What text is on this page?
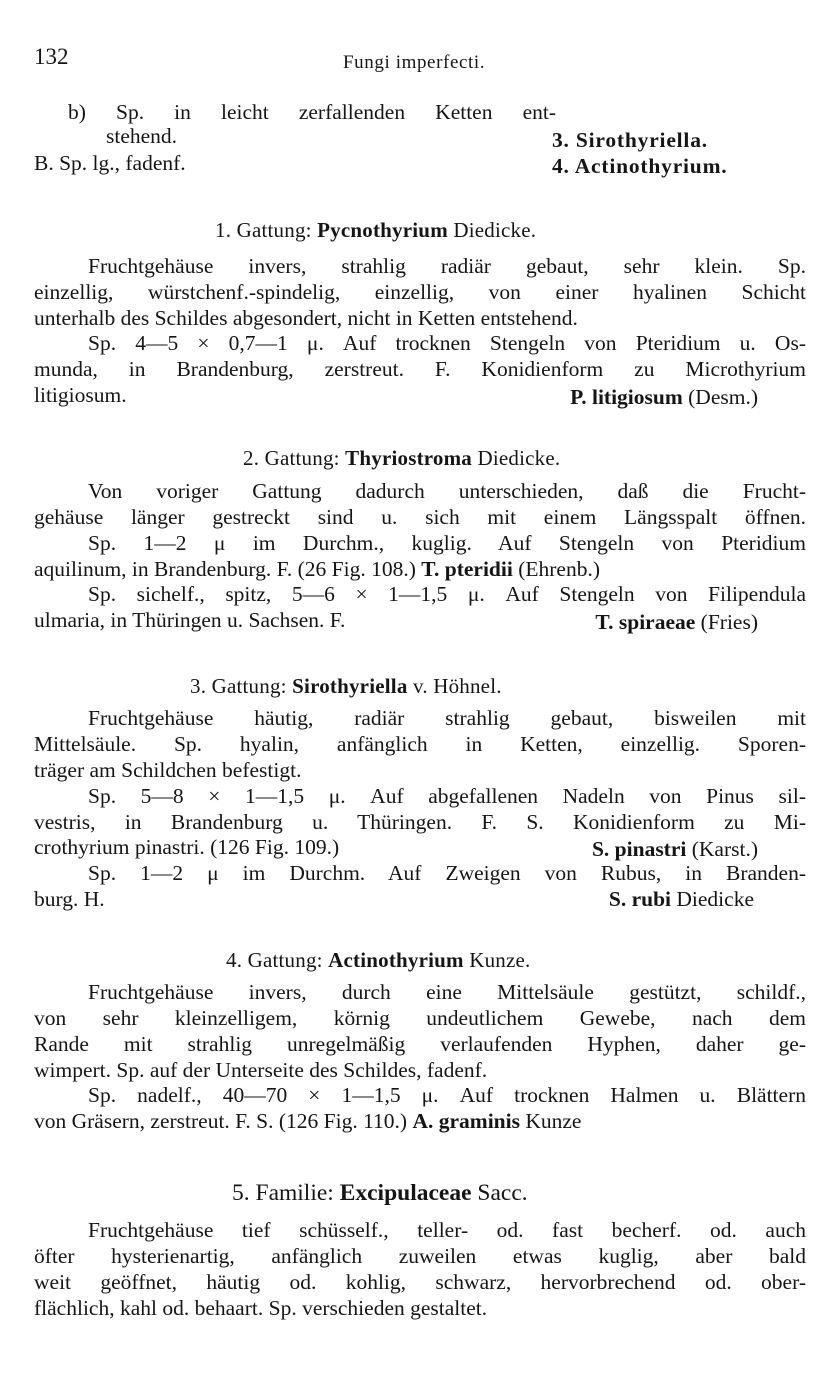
132	Fungi imperfecti.
b) Sp. in leicht zerfallenden Ketten ent-
stehend.	3. Sirothyriella.
B. Sp. lg., fadenf.	4. Actinothyrium.
1. Gattung: Pycnothyrium Diedicke.
Fruchtgehäuse invers, strahlig radiär gebaut, sehr klein. Sp.
einzellig, würstchenf.-spindelig, einzellig, von einer hyalinen Schicht
unterhalb des Schildes abgesondert, nicht in Ketten entstehend.
Sp. 4—5 × 0,7—1 μ. Auf trocknen Stengeln von Pteridium u. Os-
munda, in Brandenburg, zerstreut. F. Konidienform zu Microthyrium
litigiosum.	P. litigiosum (Desm.)
2. Gattung: Thyriostroma Diedicke.
Von voriger Gattung dadurch unterschieden, daß die Frucht-
gehäuse länger gestreckt sind u. sich mit einem Längsspalt öffnen.
Sp. 1—2 μ im Durchm., kuglig. Auf Stengeln von Pteridium
aquilinum, in Brandenburg. F. (26 Fig. 108.) T. pteridii (Ehrenb.)
Sp. sichelf., spitz, 5—6 × 1—1,5 μ. Auf Stengeln von Filipendula
ulmaria, in Thüringen u. Sachsen. F.	T. spiraeae (Fries)
3. Gattung: Sirothyriella v. Höhnel.
Fruchtgehäuse häutig, radiär strahlig gebaut, bisweilen mit
Mittelsäule. Sp. hyalin, anfänglich in Ketten, einzellig. Sporen-
träger am Schildchen befestigt.
Sp. 5—8 × 1—1,5 μ. Auf abgefallenen Nadeln von Pinus sil-
vestris, in Brandenburg u. Thüringen. F. S. Konidienform zu Mi-
crothyrium pinastri. (126 Fig. 109.)	S. pinastri (Karst.)
Sp. 1—2 μ im Durchm. Auf Zweigen von Rubus, in Branden-
burg. H.	S. rubi Diedicke
4. Gattung: Actinothyrium Kunze.
Fruchtgehäuse invers, durch eine Mittelsäule gestützt, schildf.,
von sehr kleinzelligem, körnig undeutlichem Gewebe, nach dem
Rande mit strahlig unregelmäßig verlaufenden Hyphen, daher ge-
wimpert. Sp. auf der Unterseite des Schildes, fadenf.
Sp. nadelf., 40—70 × 1—1,5 μ. Auf trocknen Halmen u. Blättern
von Gräsern, zerstreut. F. S. (126 Fig. 110.) A. graminis Kunze
5. Familie: Excipulaceae Sacc.
Fruchtgehäuse tief schüsself., teller- od. fast becherf. od. auch
öfter hysterienartig, anfänglich zuweilen etwas kuglig, aber bald
weit geöffnet, häutig od. kohlig, schwarz, hervorbrechend od. ober-
flächlich, kahl od. behaart. Sp. verschieden gestaltet.
